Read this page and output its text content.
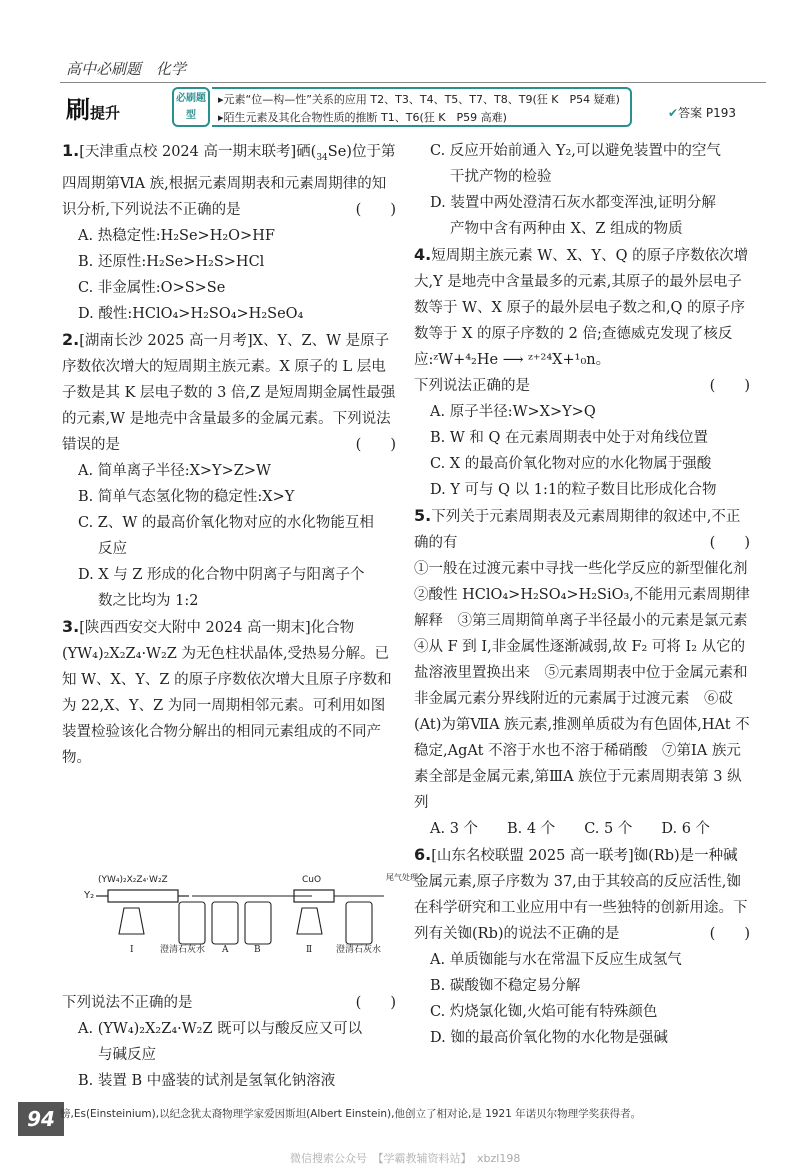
高中必刷题　化学
刷提升
必刷题型
▸元素“位—构—性”关系的应用 T2、T3、T4、T5、T7、T8、T9(狂 K　P54 疑难)
▸陌生元素及其化合物性质的推断 T1、T6(狂 K　P59 高难)	✔答案 P193

1.[天津重点校 2024 高一期末联考]硒$(_{34}Se)$位于第四周期第ⅥA 族,根据元素周期表和元素周期律的知识分析,下列说法不正确的是	(　　)

A. 热稳定性:H₂Se>H₂O>HF

B. 还原性:H₂Se>H₂S>HCl

C. 非金属性:O>S>Se

D. 酸性:HClO₄>H₂SO₄>H₂SeO₄

2.[湖南长沙 2025 高一月考]X、Y、Z、W 是原子序数依次增大的短周期主族元素。X 原子的 L 层电子数是其 K 层电子数的 3 倍,Z 是短周期金属性最强的元素,W 是地壳中含量最多的金属元素。下列说法错误的是	(　　)

A. 简单离子半径:X>Y>Z>W

B. 简单气态氢化物的稳定性:X>Y

C. Z、W 的最高价氧化物对应的水化物能互相

反应

D. X 与 Z 形成的化合物中阴离子与阳离子个

数之比均为 1:2

3.[陕西西安交大附中 2024 高一期末]化合物(YW₄)₂X₂Z₄·W₂Z 为无色柱状晶体,受热易分解。已知 W、X、Y、Z 的原子序数依次增大且原子序数和为 22,X、Y、Z 为同一周期相邻元素。可利用如图装置检验该化合物分解出的相同元素组成的不同产物。

(YW₄)₂X₂Z₄·W₂Z
Y₂
CuO	尾气处理
Ⅰ	澄清石灰水 A	B	Ⅱ	澄清石灰水

下列说法不正确的是	(　　)

A. (YW₄)₂X₂Z₄·W₂Z 既可以与酸反应又可以

与碱反应

B. 装置 B 中盛装的试剂是氢氧化钠溶液

C. 反应开始前通入 Y₂,可以避免装置中的空气

干扰产物的检验

D. 装置中两处澄清石灰水都变浑浊,证明分解

产物中含有两种由 X、Z 组成的物质

4.短周期主族元素 W、X、Y、Q 的原子序数依次增大,Y 是地壳中含量最多的元素,其原子的最外层电子数等于 W、X 原子的最外层电子数之和,Q 的原子序数等于 X 的原子序数的 2 倍;查德威克发现了核反应:ᶻW+⁴₂He ⟶ ᶻ⁺²⁴X+¹₀n。

下列说法正确的是	(　　)

A. 原子半径:W>X>Y>Q

B. W 和 Q 在元素周期表中处于对角线位置

C. X 的最高价氧化物对应的水化物属于强酸

D. Y 可与 Q 以 1:1的粒子数目比形成化合物

5.下列关于元素周期表及元素周期律的叙述中,不正确的有	(　　)

①一般在过渡元素中寻找一些化学反应的新型催化剂　②酸性 HClO₄>H₂SO₄>H₂SiO₃,不能用元素周期律解释　③第三周期简单离子半径最小的元素是氯元素　④从 F 到 I,非金属性逐渐减弱,故 F₂ 可将 I₂ 从它的盐溶液里置换出来　⑤元素周期表中位于金属元素和非金属元素分界线附近的元素属于过渡元素　⑥砹(At)为第ⅦA 族元素,推测单质砹为有色固体,HAt 不稳定,AgAt 不溶于水也不溶于稀硝酸　⑦第ⅠA 族元素全部是金属元素,第ⅢA 族位于元素周期表第 3 纵列

A. 3 个　　B. 4 个　　C. 5 个　　D. 6 个

6.[山东名校联盟 2025 高一联考]铷(Rb)是一种碱金属元素,原子序数为 37,由于其较高的反应活性,铷在科学研究和工业应用中有一些独特的创新用途。下列有关铷(Rb)的说法不正确的是	(　　)

A. 单质铷能与水在常温下反应生成氢气

B. 碳酸铷不稳定易分解

C. 灼烧氯化铷,火焰可能有特殊颜色

D. 铷的最高价氧化物的水化物是强碱

94 镑,Es(Einsteinium),以纪念犹太裔物理学家爱因斯坦(Albert Einstein),他创立了相对论,是 1921 年诺贝尔物理学奖获得者。
微信搜索公众号　【学霸教辅资料站】　xbzl198
